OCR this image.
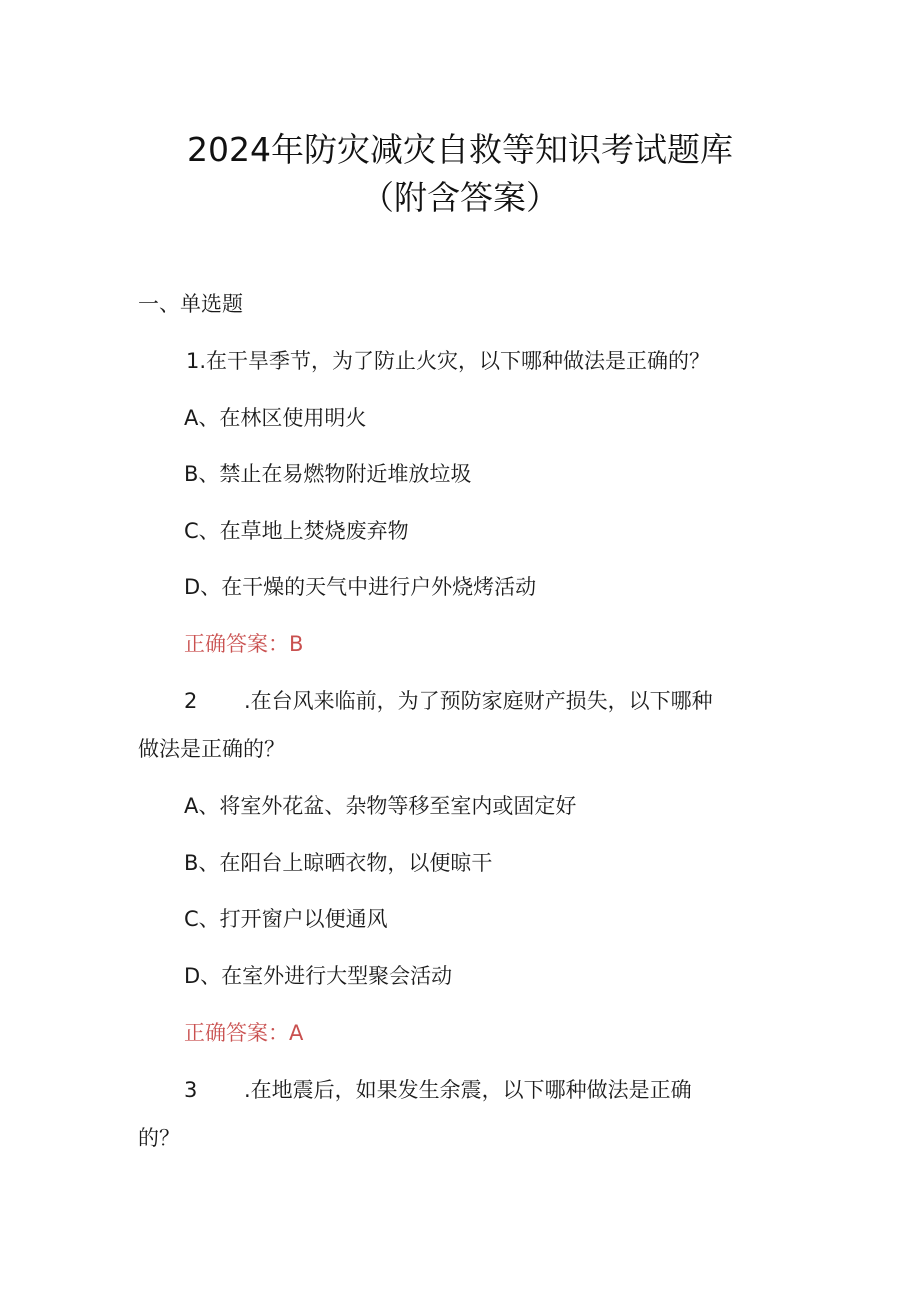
2024年防灾减灾自救等知识考试题库
（附含答案）
一、单选题
1.在干旱季节，为了防止火灾，以下哪种做法是正确的？
A、在林区使用明火
B、禁止在易燃物附近堆放垃圾
C、在草地上焚烧废弃物
D、在干燥的天气中进行户外烧烤活动
正确答案：B
2 .在台风来临前，为了预防家庭财产损失，以下哪种
做法是正确的？
A、将室外花盆、杂物等移至室内或固定好
B、在阳台上晾晒衣物，以便晾干
C、打开窗户以便通风
D、在室外进行大型聚会活动
正确答案：A
3 .在地震后，如果发生余震，以下哪种做法是正确
的？
